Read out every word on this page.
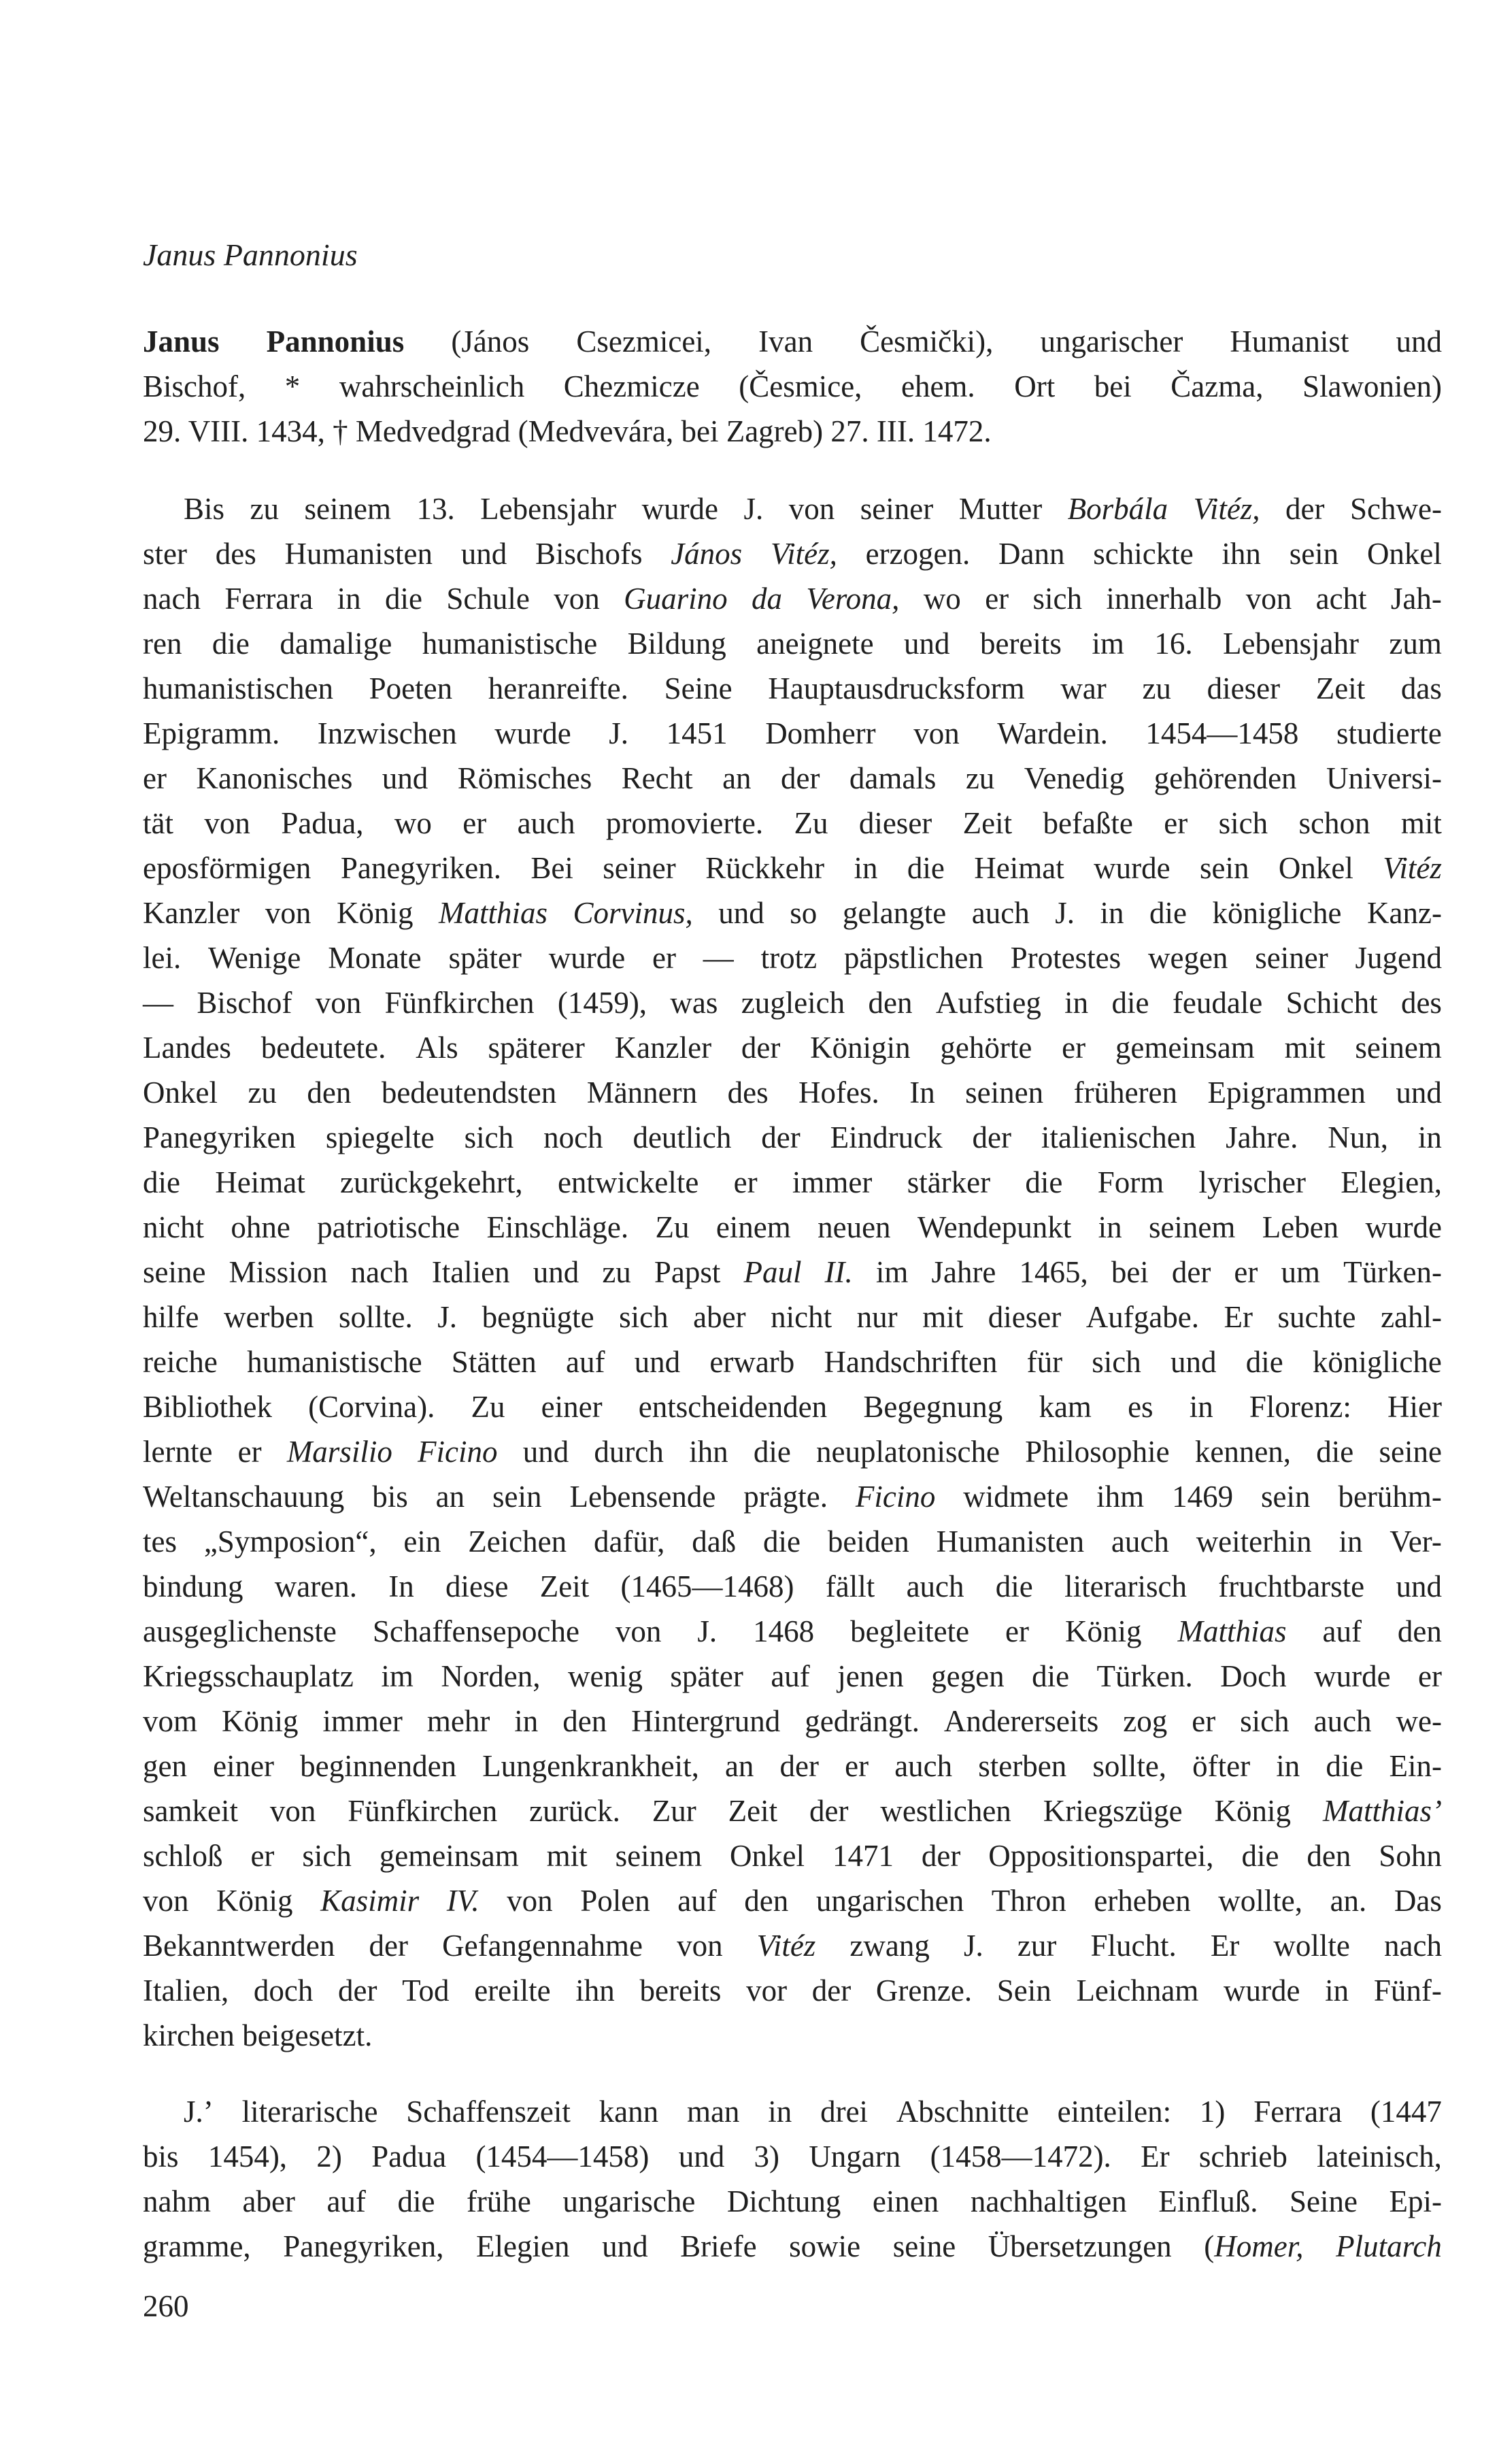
Janus Pannonius
Janus Pannonius (János Csezmicei, Ivan Česmički), ungarischer Humanist und
Bischof, * wahrscheinlich Chezmicze (Česmice, ehem. Ort bei Čazma, Slawonien)
29. VIII. 1434, † Medvedgrad (Medvevára, bei Zagreb) 27. III. 1472.
Bis zu seinem 13. Lebensjahr wurde J. von seiner Mutter Borbála Vitéz, der Schwe-
ster des Humanisten und Bischofs János Vitéz, erzogen. Dann schickte ihn sein Onkel
nach Ferrara in die Schule von Guarino da Verona, wo er sich innerhalb von acht Jah-
ren die damalige humanistische Bildung aneignete und bereits im 16. Lebensjahr zum
humanistischen Poeten heranreifte. Seine Hauptausdrucksform war zu dieser Zeit das
Epigramm. Inzwischen wurde J. 1451 Domherr von Wardein. 1454—1458 studierte
er Kanonisches und Römisches Recht an der damals zu Venedig gehörenden Universi-
tät von Padua, wo er auch promovierte. Zu dieser Zeit befaßte er sich schon mit
eposförmigen Panegyriken. Bei seiner Rückkehr in die Heimat wurde sein Onkel Vitéz
Kanzler von König Matthias Corvinus, und so gelangte auch J. in die königliche Kanz-
lei. Wenige Monate später wurde er — trotz päpstlichen Protestes wegen seiner Jugend
— Bischof von Fünfkirchen (1459), was zugleich den Aufstieg in die feudale Schicht des
Landes bedeutete. Als späterer Kanzler der Königin gehörte er gemeinsam mit seinem
Onkel zu den bedeutendsten Männern des Hofes. In seinen früheren Epigrammen und
Panegyriken spiegelte sich noch deutlich der Eindruck der italienischen Jahre. Nun, in
die Heimat zurückgekehrt, entwickelte er immer stärker die Form lyrischer Elegien,
nicht ohne patriotische Einschläge. Zu einem neuen Wendepunkt in seinem Leben wurde
seine Mission nach Italien und zu Papst Paul II. im Jahre 1465, bei der er um Türken-
hilfe werben sollte. J. begnügte sich aber nicht nur mit dieser Aufgabe. Er suchte zahl-
reiche humanistische Stätten auf und erwarb Handschriften für sich und die königliche
Bibliothek (Corvina). Zu einer entscheidenden Begegnung kam es in Florenz: Hier
lernte er Marsilio Ficino und durch ihn die neuplatonische Philosophie kennen, die seine
Weltanschauung bis an sein Lebensende prägte. Ficino widmete ihm 1469 sein berühm-
tes „Symposion“, ein Zeichen dafür, daß die beiden Humanisten auch weiterhin in Ver-
bindung waren. In diese Zeit (1465—1468) fällt auch die literarisch fruchtbarste und
ausgeglichenste Schaffensepoche von J. 1468 begleitete er König Matthias auf den
Kriegsschauplatz im Norden, wenig später auf jenen gegen die Türken. Doch wurde er
vom König immer mehr in den Hintergrund gedrängt. Andererseits zog er sich auch we-
gen einer beginnenden Lungenkrankheit, an der er auch sterben sollte, öfter in die Ein-
samkeit von Fünfkirchen zurück. Zur Zeit der westlichen Kriegszüge König Matthias’
schloß er sich gemeinsam mit seinem Onkel 1471 der Oppositionspartei, die den Sohn
von König Kasimir IV. von Polen auf den ungarischen Thron erheben wollte, an. Das
Bekanntwerden der Gefangennahme von Vitéz zwang J. zur Flucht. Er wollte nach
Italien, doch der Tod ereilte ihn bereits vor der Grenze. Sein Leichnam wurde in Fünf-
kirchen beigesetzt.
J.’ literarische Schaffenszeit kann man in drei Abschnitte einteilen: 1) Ferrara (1447
bis 1454), 2) Padua (1454—1458) und 3) Ungarn (1458—1472). Er schrieb lateinisch,
nahm aber auf die frühe ungarische Dichtung einen nachhaltigen Einfluß. Seine Epi-
gramme, Panegyriken, Elegien und Briefe sowie seine Übersetzungen (Homer, Plutarch
260
